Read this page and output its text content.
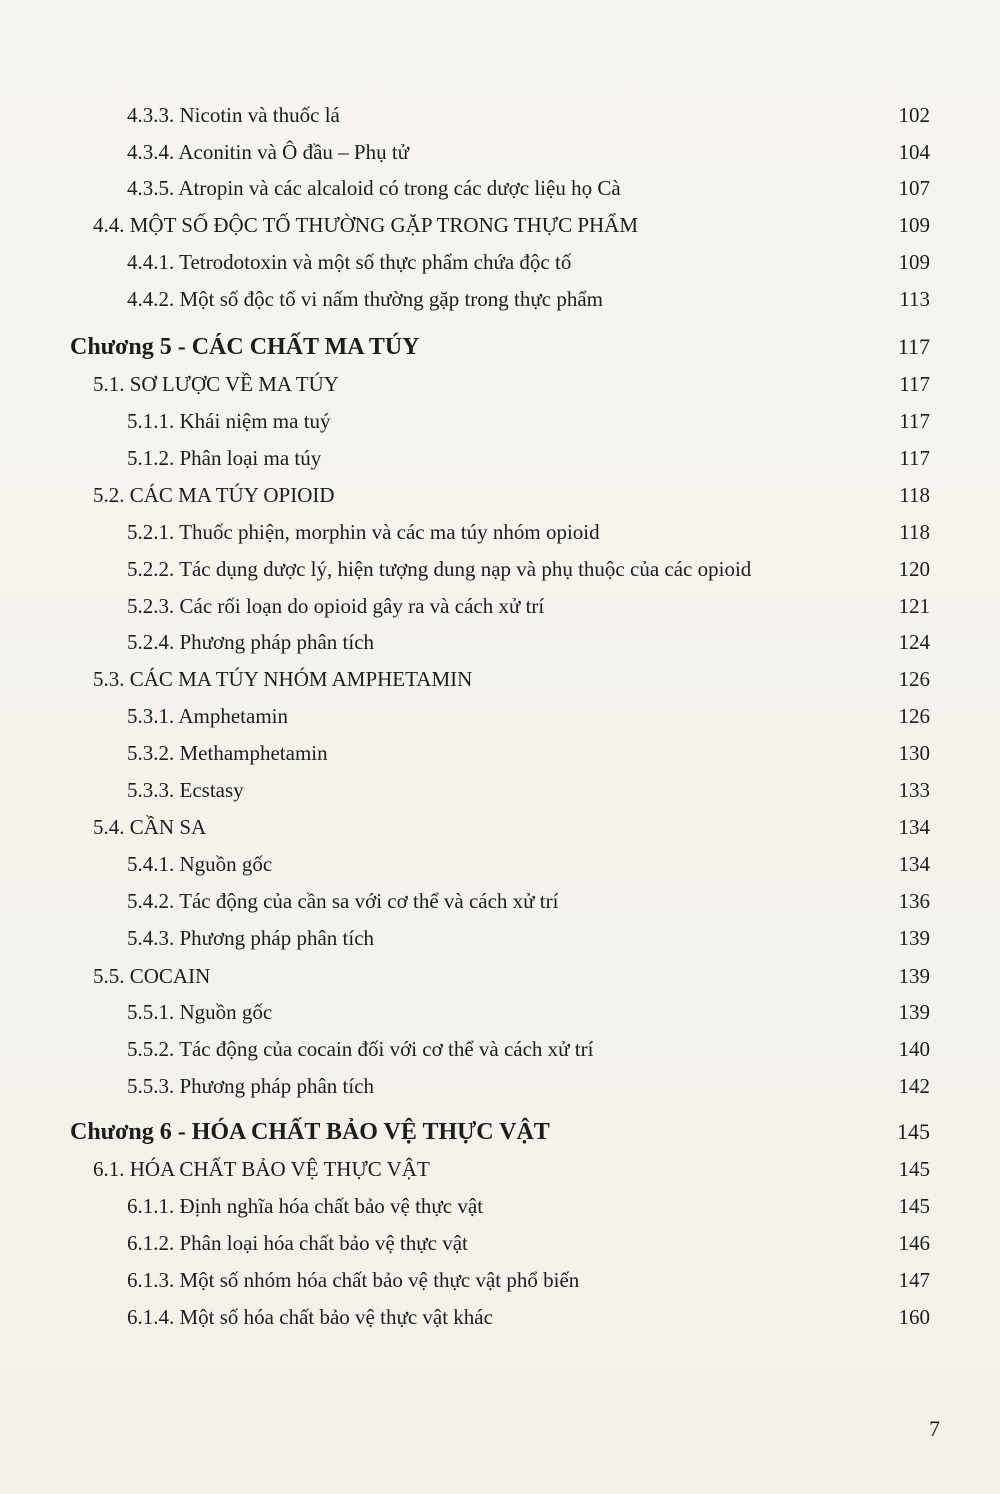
4.3.3. Nicotin và thuốc lá	102
4.3.4. Aconitin và Ô đầu – Phụ tử	104
4.3.5. Atropin và các alcaloid có trong các dược liệu họ Cà	107
4.4. MỘT SỐ ĐỘC TỐ THƯỜNG GẶP TRONG THỰC PHẨM	109
4.4.1. Tetrodotoxin và một số thực phẩm chứa độc tố	109
4.4.2. Một số độc tố vi nấm thường gặp trong thực phẩm	113
Chương 5 - CÁC CHẤT MA TÚY	117
5.1. SƠ LƯỢC VỀ MA TÚY	117
5.1.1. Khái niệm ma tuý	117
5.1.2. Phân loại ma túy	117
5.2. CÁC MA TÚY OPIOID	118
5.2.1. Thuốc phiện, morphin và các ma túy nhóm opioid	118
5.2.2. Tác dụng dược lý, hiện tượng dung nạp và phụ thuộc của các opioid	120
5.2.3. Các rối loạn do opioid gây ra và cách xử trí	121
5.2.4. Phương pháp phân tích	124
5.3. CÁC MA TÚY NHÓM AMPHETAMIN	126
5.3.1. Amphetamin	126
5.3.2. Methamphetamin	130
5.3.3. Ecstasy	133
5.4. CẦN SA	134
5.4.1. Nguồn gốc	134
5.4.2. Tác động của cần sa với cơ thể và cách xử trí	136
5.4.3. Phương pháp phân tích	139
5.5. COCAIN	139
5.5.1. Nguồn gốc	139
5.5.2. Tác động của cocain đối với cơ thể và cách xử trí	140
5.5.3. Phương pháp phân tích	142
Chương 6 - HÓA CHẤT BẢO VỆ THỰC VẬT	145
6.1. HÓA CHẤT BẢO VỆ THỰC VẬT	145
6.1.1. Định nghĩa hóa chất bảo vệ thực vật	145
6.1.2. Phân loại hóa chất bảo vệ thực vật	146
6.1.3. Một số nhóm hóa chất bảo vệ thực vật phổ biến	147
6.1.4. Một số hóa chất bảo vệ thực vật khác	160
7
